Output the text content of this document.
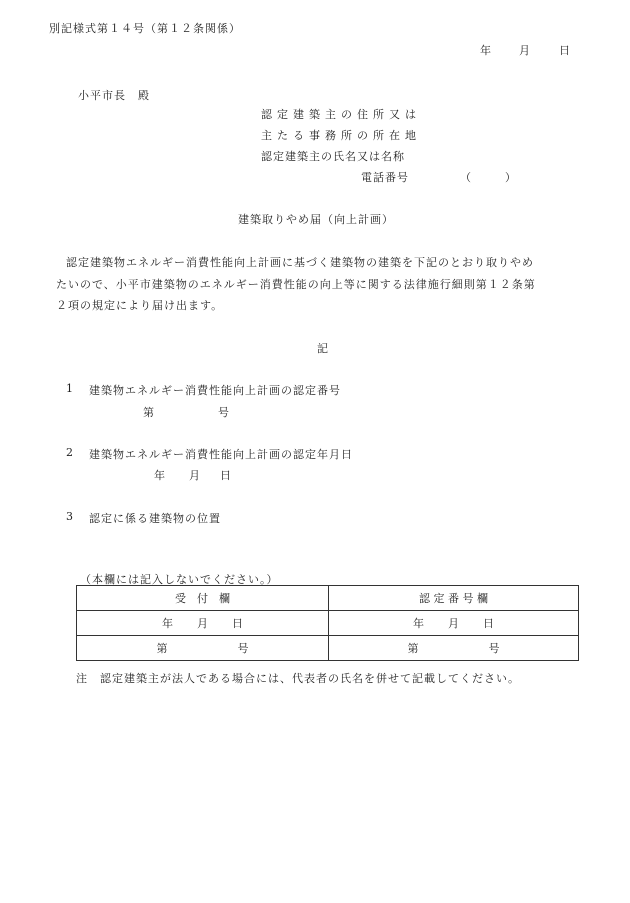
別記様式第１４号（第１２条関係）
年	月	日
小平市長　殿
認定建築主の住所又は
主たる事務所の所在地
認定建築主の氏名又は名称
電話番号	（	）
建築取りやめ届（向上計画）
認定建築物エネルギー消費性能向上計画に基づく建築物の建築を下記のとおり取りやめ
たいので、小平市建築物のエネルギー消費性能の向上等に関する法律施行細則第１２条第
２項の規定により届け出ます。
記
1 建築物エネルギー消費性能向上計画の認定番号
第	号
2 建築物エネルギー消費性能向上計画の認定年月日
年 月 日
3 認定に係る建築物の位置
（本欄には記入しないでください。）
受　付　欄	認 定 番 号 欄
年 月 日	年 月 日
第 号	第 号
注　認定建築主が法人である場合には、代表者の氏名を併せて記載してください。
